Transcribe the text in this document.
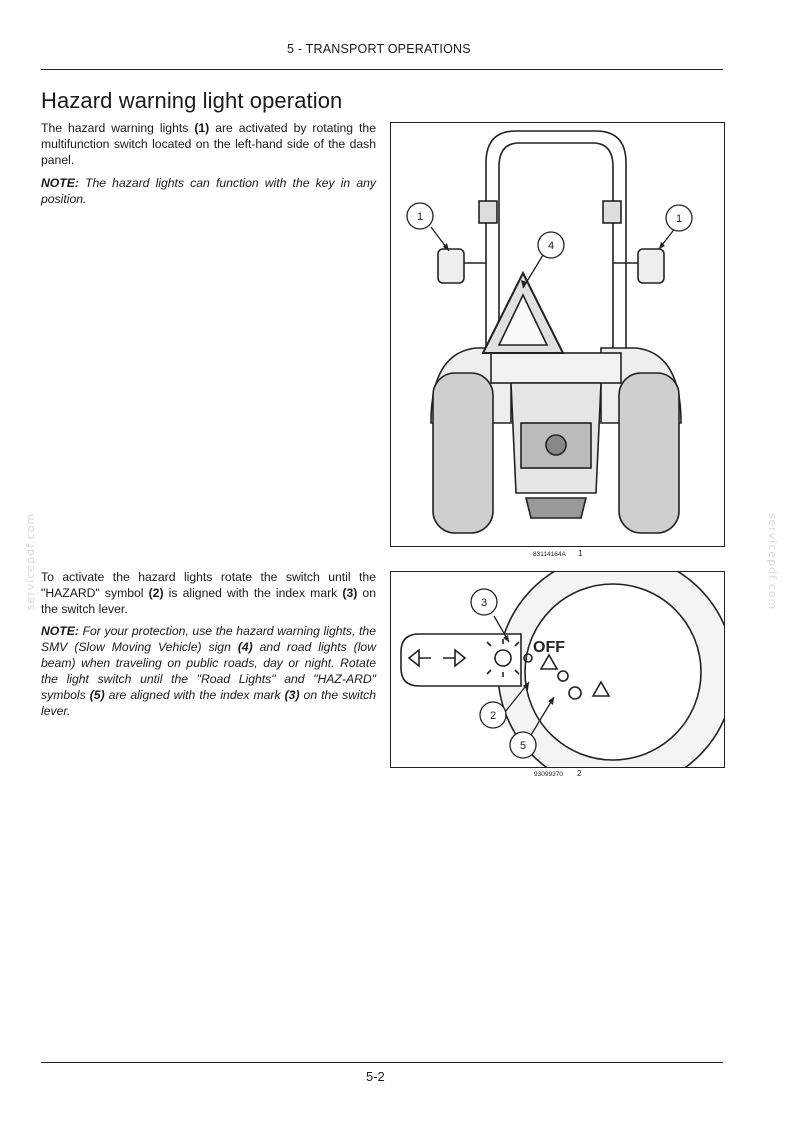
5 - TRANSPORT OPERATIONS
Hazard warning light operation

The hazard warning lights (1) are activated by rotating the multifunction switch located on the left-hand side of the dash panel.

NOTE: The hazard lights can function with the key in any position.

To activate the hazard lights rotate the switch until the "HAZARD" symbol (2) is aligned with the index mark (3) on the switch lever.

NOTE: For your protection, use the hazard warning lights, the SMV (Slow Moving Vehicle) sign (4) and road lights (low beam) when traveling on public roads, day or night. Rotate the light switch until the "Road Lights" and "HAZ-ARD" symbols (5) are aligned with the index mark (3) on the switch lever.

1	1
4
83114164A 1
OFF
3
2
5
93099370 2
servicepdf.com	servicepdf.com
5-2
